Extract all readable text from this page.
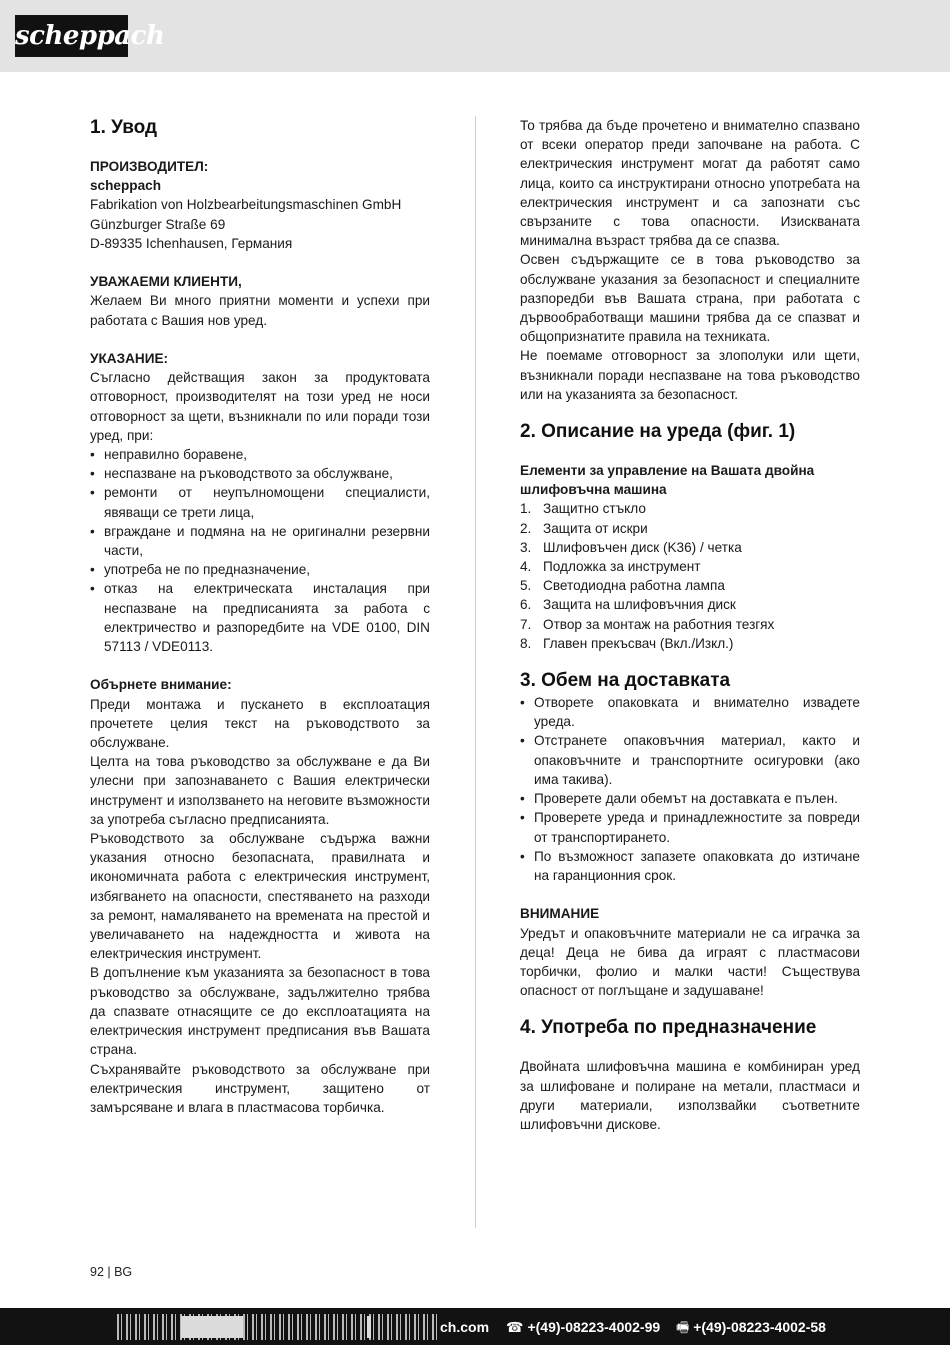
scheppach
1. Увод

ПРОИЗВОДИТЕЛ:

scheppach

Fabrikation von Holzbearbeitungsmaschinen GmbH

Günzburger Straße 69

D-89335 Ichenhausen, Германия

УВАЖАЕМИ КЛИЕНТИ,

Желаем Ви много приятни моменти и успехи при работата с Вашия нов уред.

УКАЗАНИЕ:

Съгласно действащия закон за продуктовата отговорност, производителят на този уред не носи отговорност за щети, възникнали по или поради този уред, при:

• неправилно боравене,
• неспазване на ръководството за обслужване,
• ремонти от неупълномощени специалисти, явяващи се трети лица,
• вграждане и подмяна на не оригинални резервни части,
• употреба не по предназначение,
• отказ на електрическата инсталация при неспазване на предписанията за работа с електричество и разпоредбите на VDE 0100, DIN 57113 / VDE0113.

Обърнете внимание:

Преди монтажа и пускането в експлоатация прочетете целия текст на ръководството за обслужване.

Целта на това ръководство за обслужване е да Ви улесни при запознаването с Вашия електрически инструмент и използването на неговите възможности за употреба съгласно предписанията.

Ръководството за обслужване съдържа важни указания относно безопасната, правилната и икономичната работа с електрическия инструмент, избягването на опасности, спестяването на разходи за ремонт, намаляването на времената на престой и увеличаването на надеждността и живота на електрическия инструмент.

В допълнение към указанията за безопасност в това ръководство за обслужване, задължително трябва да спазвате отнасящите се до експлоатацията на електрическия инструмент предписания във Вашата страна.

Съхранявайте ръководството за обслужване при електрическия инструмент, защитено от замърсяване и влага в пластмасова торбичка.

То трябва да бъде прочетено и внимателно спазвано от всеки оператор преди започване на работа. С електрическия инструмент могат да работят само лица, които са инструктирани относно употребата на електрическия инструмент и са запознати със свързаните с това опасности. Изискваната минимална възраст трябва да се спазва.

Освен съдържащите се в това ръководство за обслужване указания за безопасност и специалните разпоредби във Вашата страна, при работата с дървообработващи машини трябва да се спазват и общопризнатите правила на техниката.

Не поемаме отговорност за злополуки или щети, възникнали поради неспазване на това ръководство или на указанията за безопасност.

2. Описание на уреда (фиг. 1)

Елементи за управление на Вашата двойна шлифовъчна машина

1. Защитно стъкло
2. Защита от искри
3. Шлифовъчен диск (K36) / четка
4. Подложка за инструмент
5. Светодиодна работна лампа
6. Защита на шлифовъчния диск
7. Отвор за монтаж на работния тезгях
8. Главен прекъсвач (Вкл./Изкл.)
3. Обем на доставката
• Отворете опаковката и внимателно извадете уреда.
• Отстранете опаковъчния материал, както и опаковъчните и транспортните осигуровки (ако има такива).
• Проверете дали обемът на доставката е пълен.
• Проверете уреда и принадлежностите за повреди от транспортирането.
• По възможност запазете опаковката до изтичане на гаранционния срок.

ВНИМАНИЕ

Уредът и опаковъчните материали не са играчка за деца! Деца не бива да играят с пластмасови торбички, фолио и малки части! Съществува опасност от поглъщане и задушаване!

4. Употреба по предназначение

Двойната шлифовъчна машина е комбиниран уред за шлифоване и полиране на метали, пластмаси и други материали, използвайки съответните шлифовъчни дискове.

92 | BG
ch.com ☎ +(49)-08223-4002-99 🖷 +(49)-08223-4002-58
